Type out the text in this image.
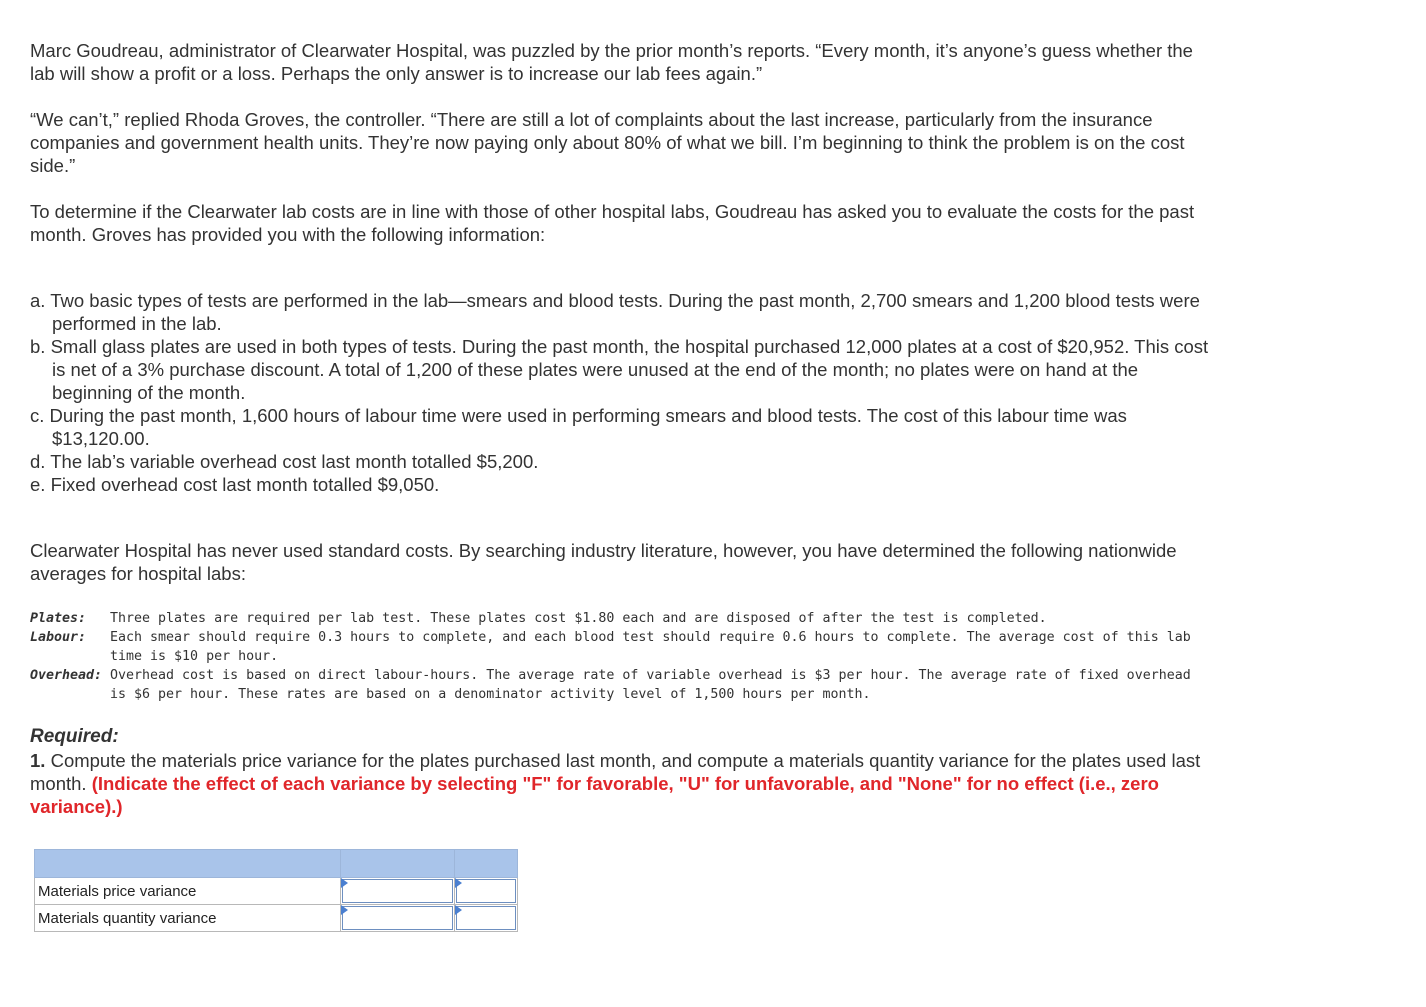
Marc Goudreau, administrator of Clearwater Hospital, was puzzled by the prior month’s reports. “Every month, it’s anyone’s guess whether the lab will show a profit or a loss. Perhaps the only answer is to increase our lab fees again.”

“We can’t,” replied Rhoda Groves, the controller. “There are still a lot of complaints about the last increase, particularly from the insurance companies and government health units. They’re now paying only about 80% of what we bill. I’m beginning to think the problem is on the cost side.”

To determine if the Clearwater lab costs are in line with those of other hospital labs, Goudreau has asked you to evaluate the costs for the past month. Groves has provided you with the following information:

a. Two basic types of tests are performed in the lab—smears and blood tests. During the past month, 2,700 smears and 1,200 blood tests were performed in the lab.
b. Small glass plates are used in both types of tests. During the past month, the hospital purchased 12,000 plates at a cost of $20,952. This cost is net of a 3% purchase discount. A total of 1,200 of these plates were unused at the end of the month; no plates were on hand at the beginning of the month.
c. During the past month, 1,600 hours of labour time were used in performing smears and blood tests. The cost of this labour time was $13,120.00.
d. The lab’s variable overhead cost last month totalled $5,200.
e. Fixed overhead cost last month totalled $9,050.

Clearwater Hospital has never used standard costs. By searching industry literature, however, you have determined the following nationwide averages for hospital labs:

Plates:	Three plates are required per lab test. These plates cost $1.80 each and are disposed of after the test is completed.
Labour:	Each smear should require 0.3 hours to complete, and each blood test should require 0.6 hours to complete. The average cost of this lab time is $10 per hour.
Overhead: Overhead cost is based on direct labour-hours. The average rate of variable overhead is $3 per hour. The average rate of fixed overhead is $6 per hour. These rates are based on a denominator activity level of 1,500 hours per month.

Required:

1. Compute the materials price variance for the plates purchased last month, and compute a materials quantity variance for the plates used last month. (Indicate the effect of each variance by selecting "F" for favorable, "U" for unfavorable, and "None" for no effect (i.e., zero variance).)

Materials price variance	

Materials quantity variance	
